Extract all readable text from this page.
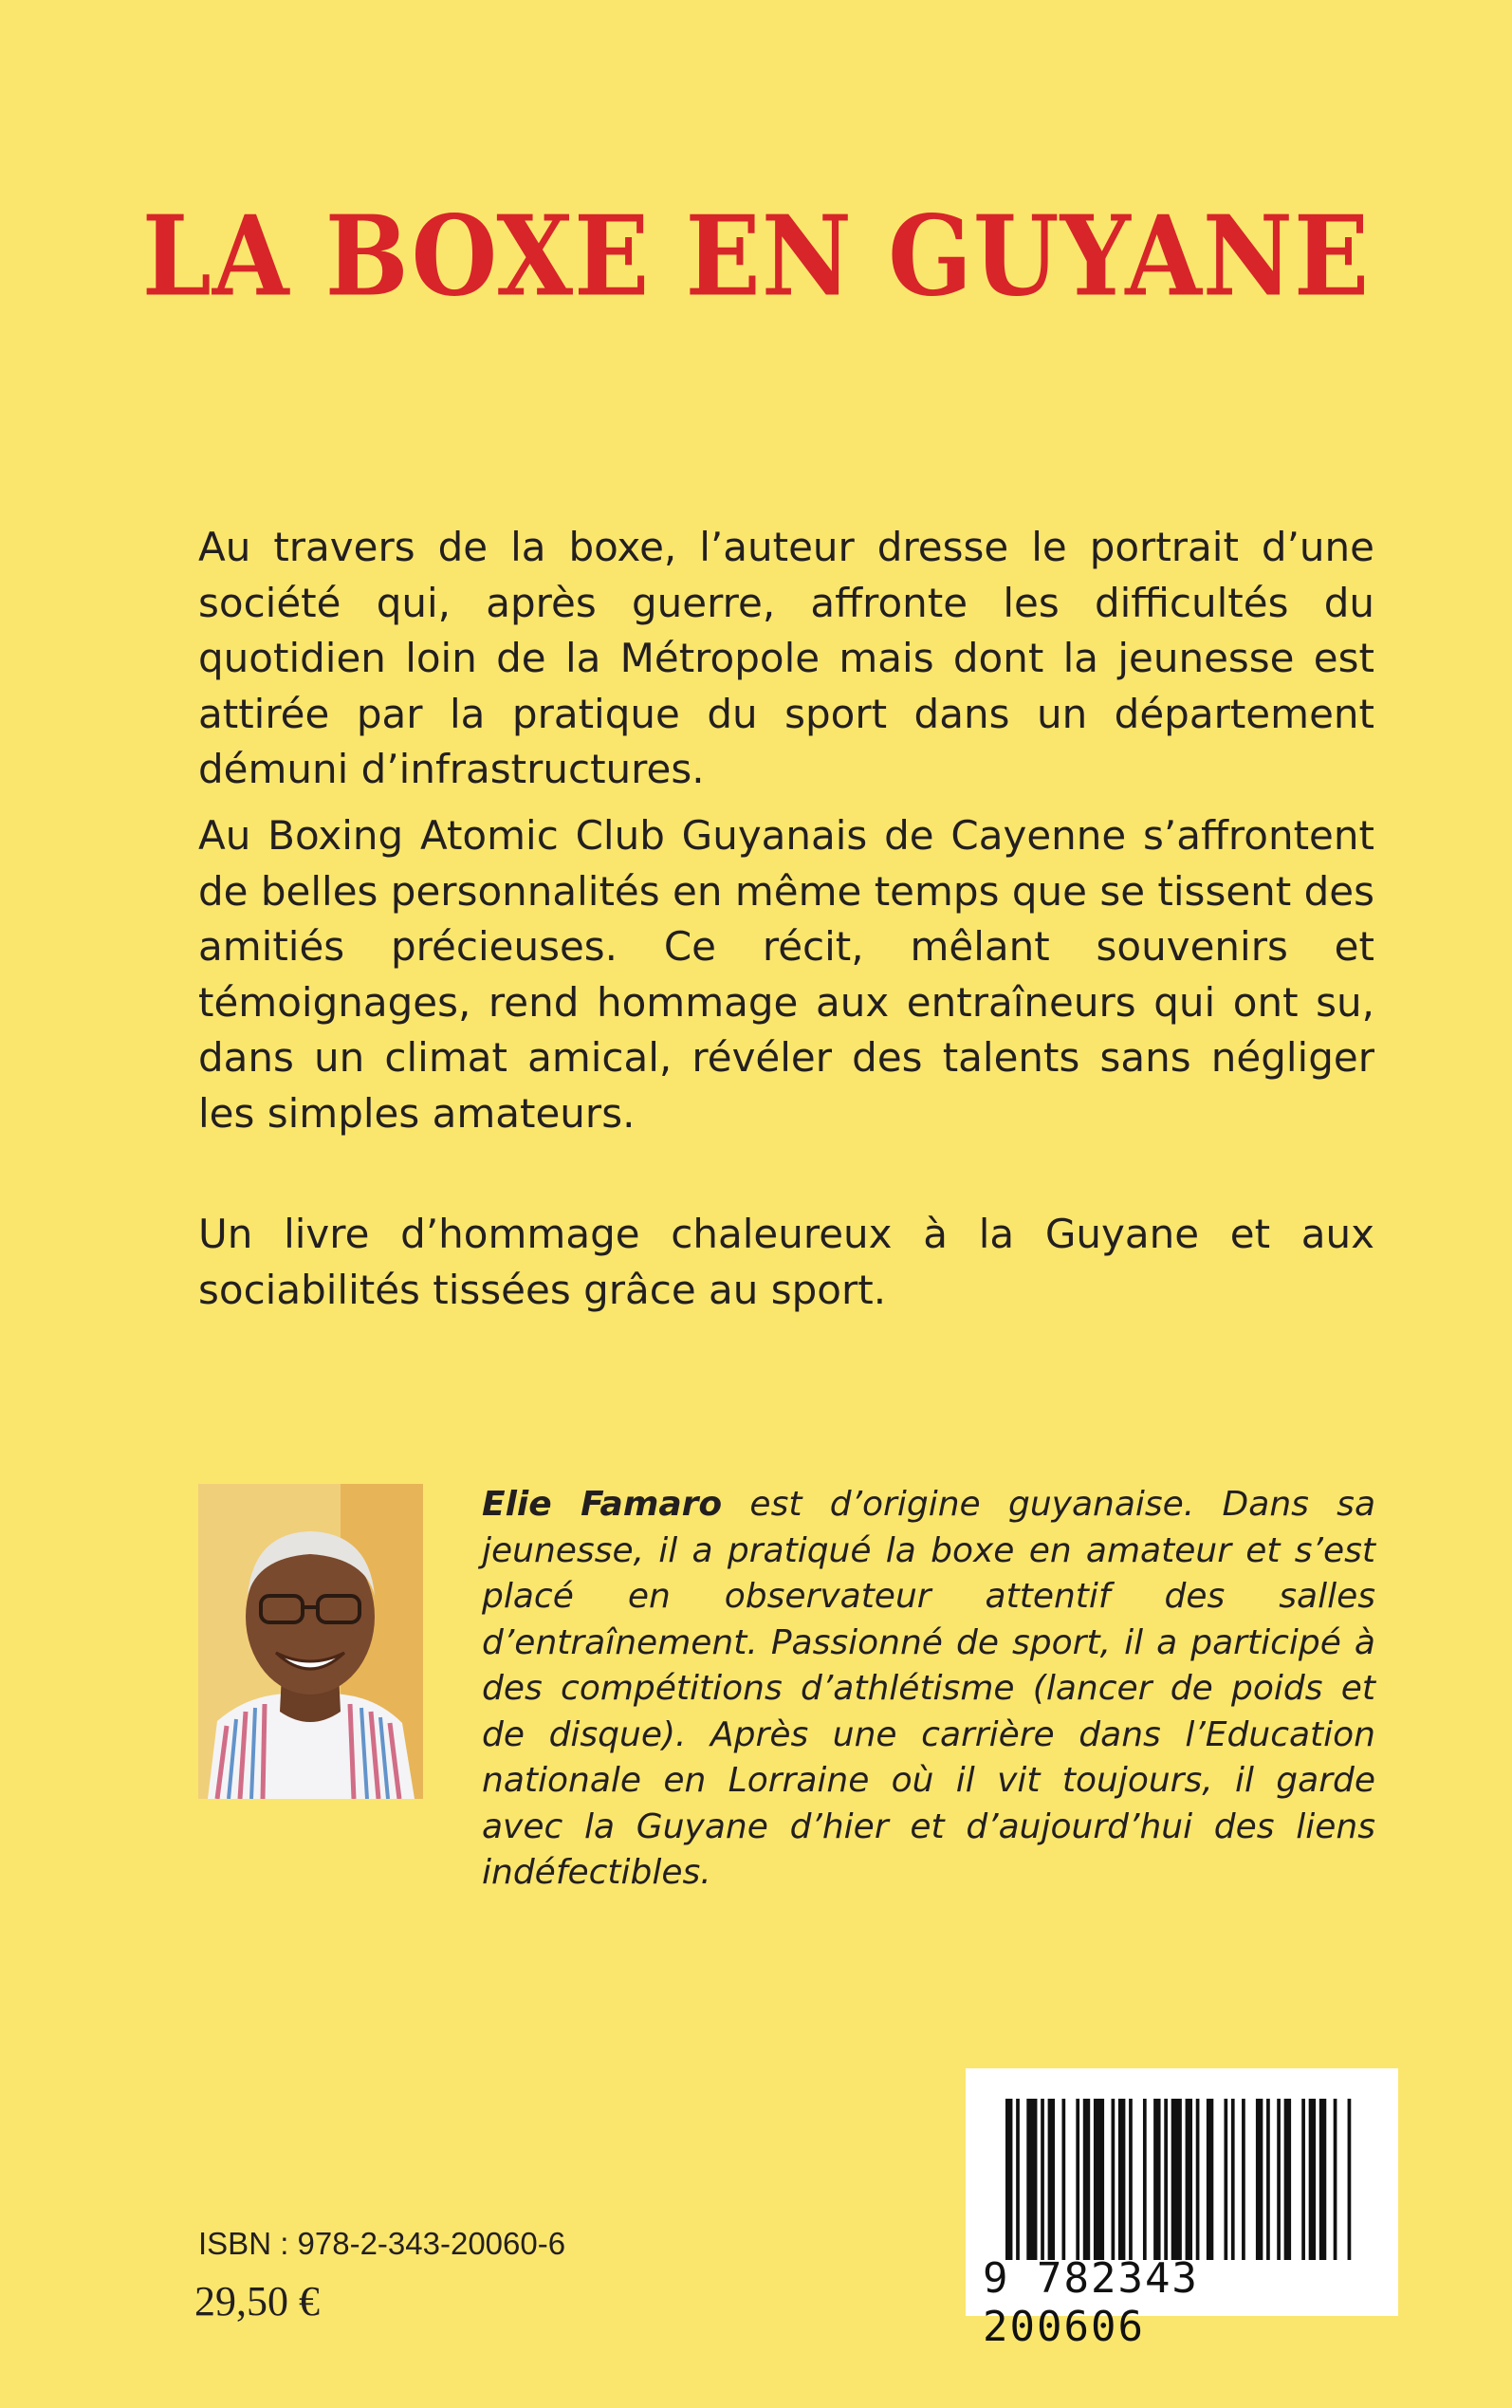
LA BOXE EN GUYANE

Au travers de la boxe, l’auteur dresse le portrait d’une société qui, après guerre, affronte les difficultés du quotidien loin de la Métropole mais dont la jeunesse est attirée par la pratique du sport dans un département démuni d’infrastructures.

Au Boxing Atomic Club Guyanais de Cayenne s’affrontent de belles personnalités en même temps que se tissent des amitiés précieuses. Ce récit, mêlant souvenirs et témoignages, rend hommage aux entraîneurs qui ont su, dans un climat amical, révéler des talents sans négliger les simples amateurs.

Un livre d’hommage chaleureux à la Guyane et aux sociabilités tissées grâce au sport.

Elie Famaro est d’origine guyanaise. Dans sa jeunesse, il a pratiqué la boxe en amateur et s’est placé en observateur attentif des salles d’entraînement. Passionné de sport, il a participé à des compétitions d’athlétisme (lancer de poids et de disque). Après une carrière dans l’Education nationale en Lorraine où il vit toujours, il garde avec la Guyane d’hier et d’aujourd’hui des liens indéfectibles.
ISBN : 978-2-343-20060-6
29,50 €	9 782343 200606
